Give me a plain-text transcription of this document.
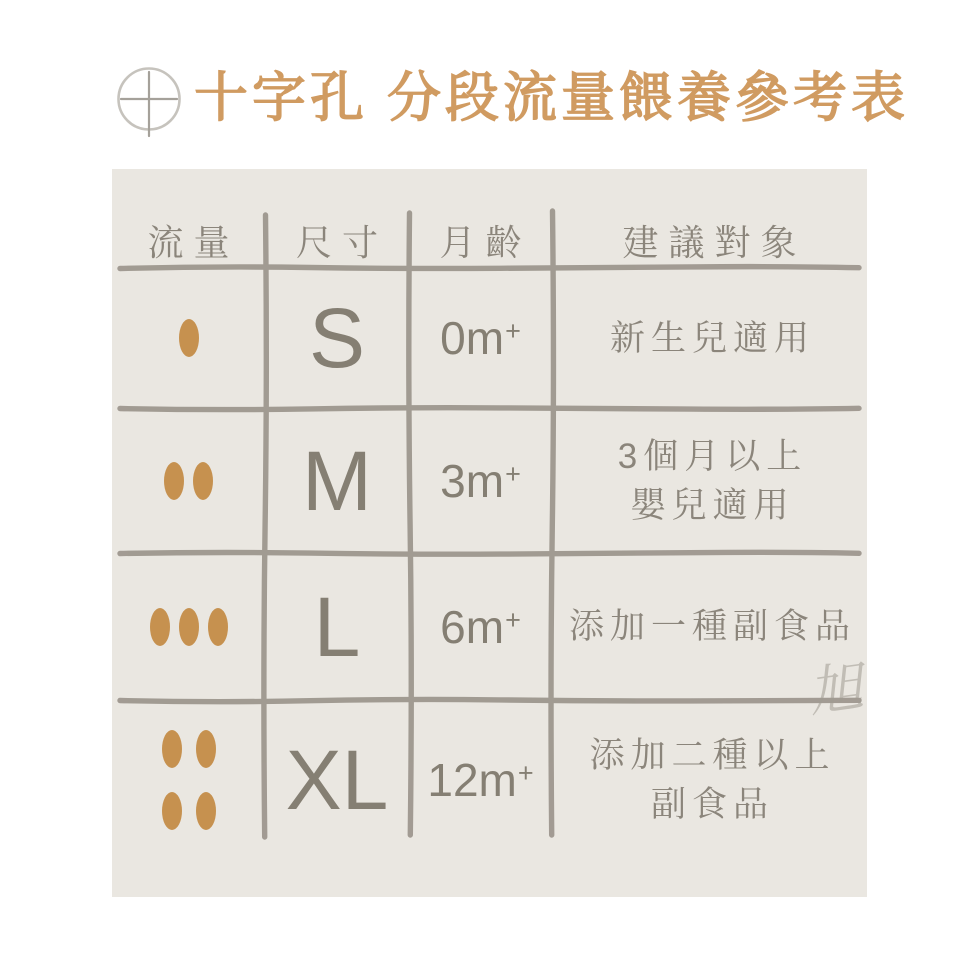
十字孔 分段流量餵養參考表
流量 尺寸 月齡	建議對象
S 0m+	新生兒適用
M 3m+	3個月以上
嬰兒適用
L 6m+ 添加一種副食品
XL 12m+ 添加二種以上
副食品
旭
